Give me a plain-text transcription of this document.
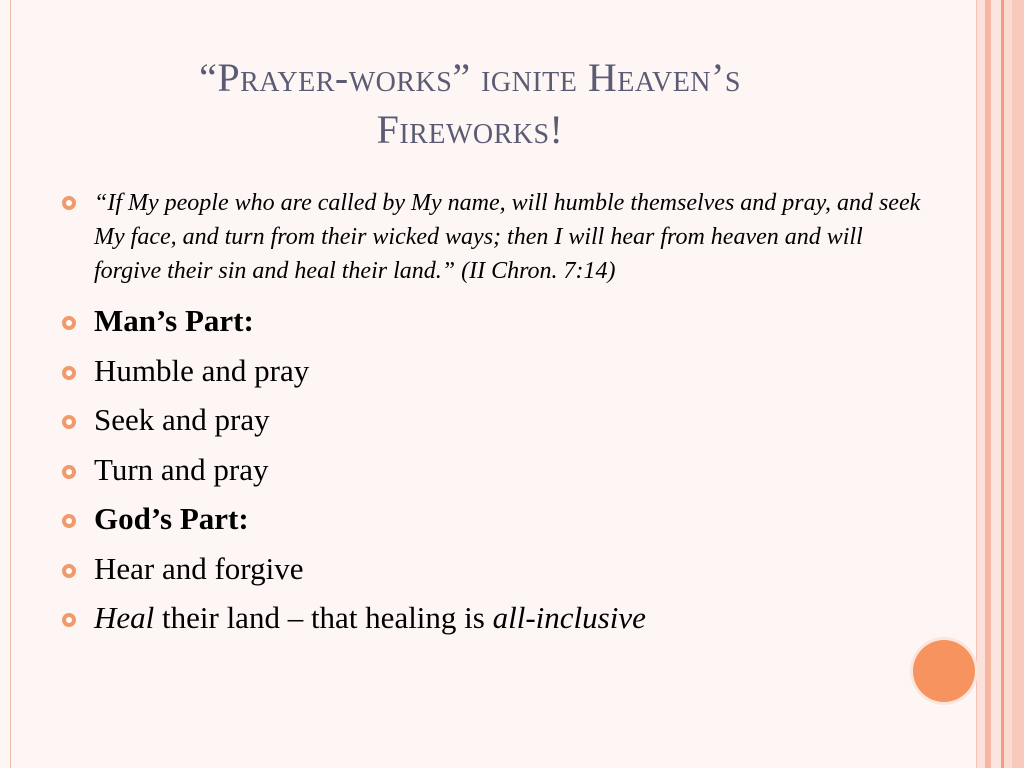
“Prayer-works” ignite Heaven’s
Fireworks!
“If My people who are called by My name, will humble themselves and pray, and seek My face, and turn from their wicked ways; then I will hear from heaven and will forgive their sin and heal their land.” (II Chron. 7:14)
Man’s Part:
Humble and pray
Seek and pray
Turn and pray
God’s Part:
Hear and forgive
Heal their land – that healing is all-inclusive
